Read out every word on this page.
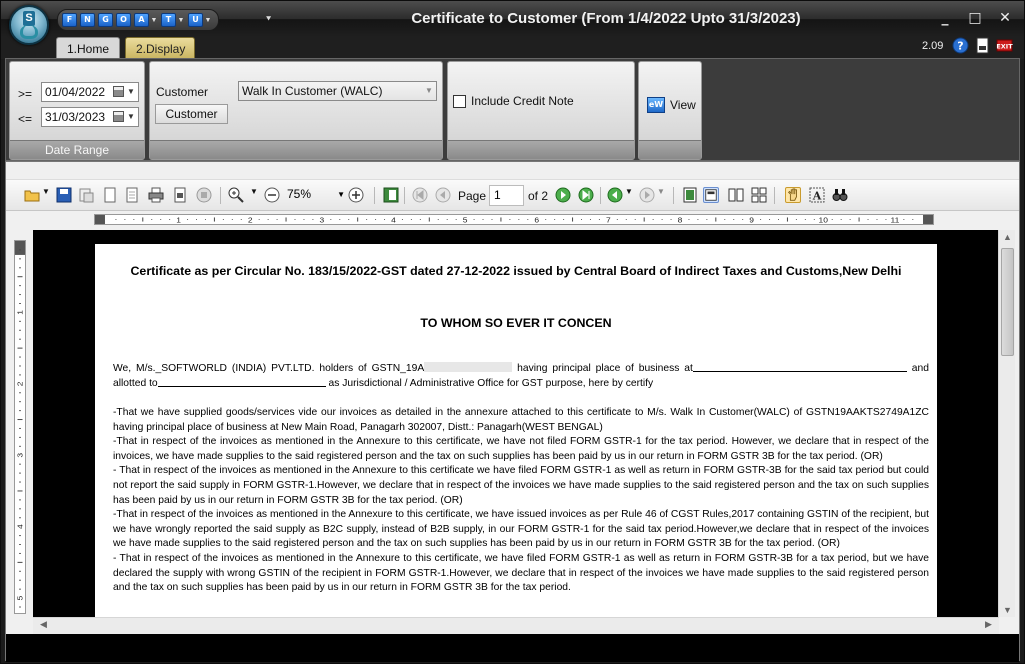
F	N	G	O	A ▼	T ▼ U ▼	⯆	Certificate to Customer (From 1/4/2022 Upto 31/3/2023)	_	□	✕
S
1.Home	2.Display	2.09 ?	EXIT
>=	01/04/2022	▼
<=	31/03/2023	▼
Date Range
Customer	Walk In Customer (WALC)	▼
Customer
Include Credit Note	eW View
▼	▼	75%	▼	Page 1	of 2	▼	▼	A
1	2	3	4	5	6	7	8	9	10	11
1
2
3
4
5
Certificate as per Circular No. 183/15/2022-GST dated 27-12-2022 issued by Central Board of Indirect Taxes and Customs,New Delhi
TO WHOM SO EVER IT CONCEN
We, M/s._SOFTWORLD (INDIA) PVT.LTD. holders of GSTN_19A	having principal place of business at	and allotted to	as Jurisdictional / Administrative Office for GST purpose, here by certify
-That we have supplied goods/services vide our invoices as detailed in the annexure attached to this certificate to M/s. Walk In Customer(WALC) of GSTN19AAKTS2749A1ZC having principal place of business at New Main Road, Panagarh 302007, Distt.: Panagarh(WEST BENGAL)
-That in respect of the invoices as mentioned in the Annexure to this certificate, we have not filed FORM GSTR-1 for the tax period. However, we declare that in respect of the invoices, we have made supplies to the said registered person and the tax on such supplies has been paid by us in our return in FORM GSTR 3B for the tax period. (OR)
- That in respect of the invoices as mentioned in the Annexure to this certificate we have filed FORM GSTR-1 as well as return in FORM GSTR-3B for the said tax period but could not report the said supply in FORM GSTR-1.However, we declare that in respect of the invoices we have made supplies to the said registered person and the tax on such supplies has been paid by us in our return in FORM GSTR 3B for the tax period. (OR)
-That in respect of the invoices as mentioned in the Annexure to this certificate, we have issued invoices as per Rule 46 of CGST Rules,2017 containing GSTIN of the recipient, but we have wrongly reported the said supply as B2C supply, instead of B2B supply, in our FORM GSTR-1 for the said tax period.However,we declare that in respect of the invoices we have made supplies to the said registered person and the tax on such supplies has been paid by us in our return in FORM GSTR 3B for the tax period. (OR)
- That in respect of the invoices as mentioned in the Annexure to this certificate, we have filed FORM GSTR-1 as well as return in FORM GSTR-3B for a tax period, but we have declared the supply with wrong GSTIN of the recipient in FORM GSTR-1.However, we declare that in respect of the invoices we have made supplies to the said registered person and the tax on such supplies has been paid by us in our return in FORM GSTR 3B for the tax period.
▲
▼
◀	▶
